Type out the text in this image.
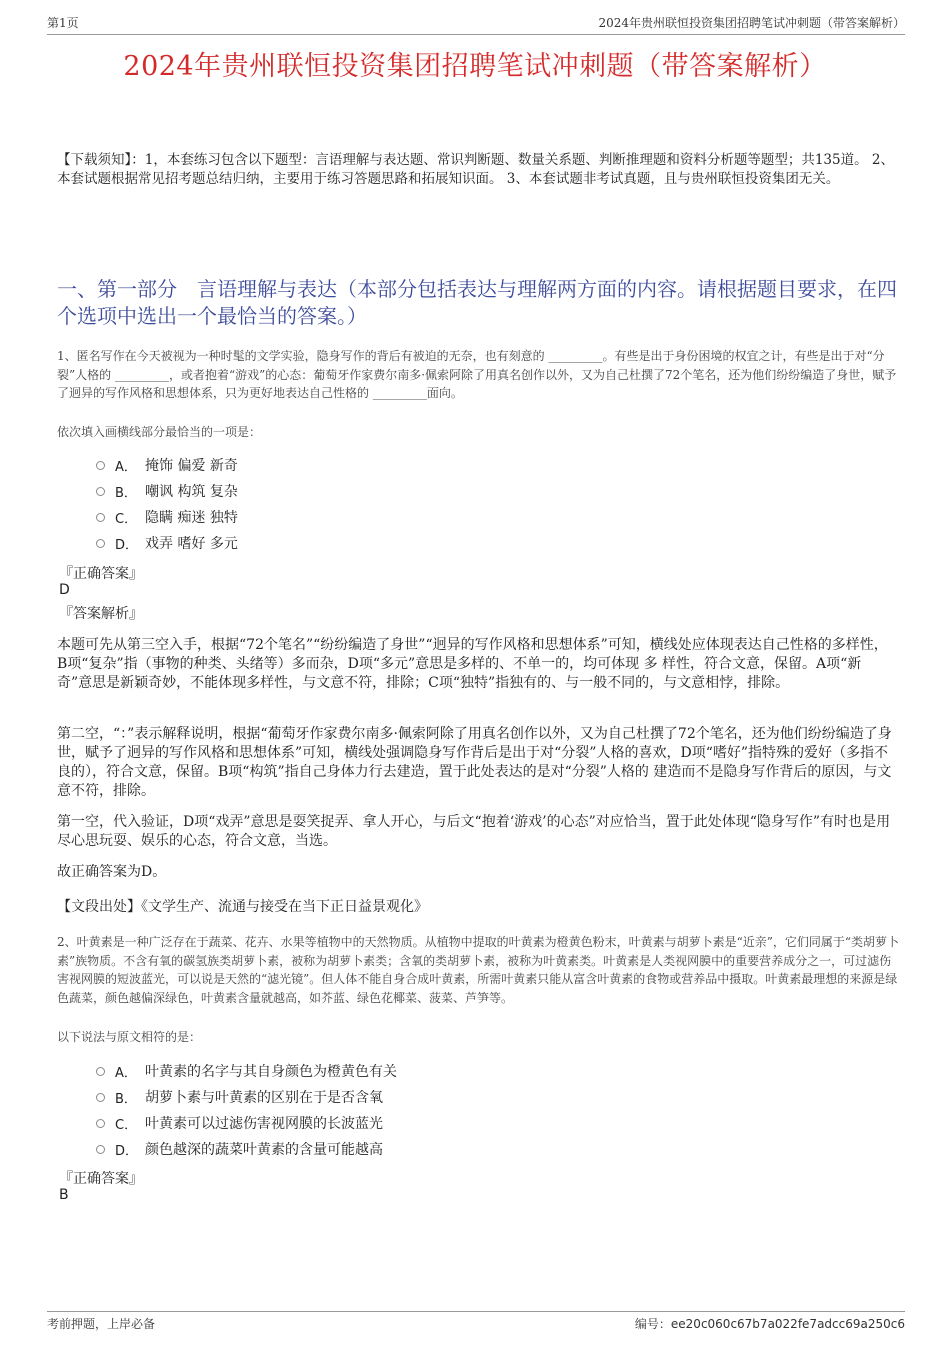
第1页	2024年贵州联恒投资集团招聘笔试冲刺题（带答案解析）
2024年贵州联恒投资集团招聘笔试冲刺题（带答案解析）
【下载须知】：1，本套练习包含以下题型：言语理解与表达题、常识判断题、数量关系题、判断推理题和资料分析题等题型；共135道。 2、本套试题根据常见招考题总结归纳，主要用于练习答题思路和拓展知识面。 3、本套试题非考试真题，且与贵州联恒投资集团无关。
一、第一部分　言语理解与表达（本部分包括表达与理解两方面的内容。请根据题目要求，在四个选项中选出一个最恰当的答案。）
1、匿名写作在今天被视为一种时髦的文学实验，隐身写作的背后有被迫的无奈，也有刻意的 _________。有些是出于身份困境的权宜之计，有些是出于对“分裂”人格的 _________，或者抱着“游戏”的心态：葡萄牙作家费尔南多·佩索阿除了用真名创作以外，又为自己杜撰了72个笔名，还为他们纷纷编造了身世，赋予了迥异的写作风格和思想体系，只为更好地表达自己性格的 _________面向。
依次填入画横线部分最恰当的一项是：
A． 掩饰 偏爱 新奇
B． 嘲讽 构筑 复杂
C． 隐瞒 痴迷 独特
D． 戏弄 嗜好 多元
『正确答案』
D
『答案解析』
本题可先从第三空入手，根据“72个笔名”“纷纷编造了身世”“迥异的写作风格和思想体系”可知，横线处应体现表达自己性格的多样性，B项“复杂”指（事物的种类、头绪等）多而杂，D项“多元”意思是多样的、不单一的，均可体现 多 样性，符合文意，保留。A项“新奇”意思是新颖奇妙，不能体现多样性，与文意不符，排除；C项“独特”指独有的、与一般不同的，与文意相悖，排除。
第二空，“：”表示解释说明，根据“葡萄牙作家费尔南多·佩索阿除了用真名创作以外，又为自己杜撰了72个笔名，还为他们纷纷编造了身世，赋予了迥异的写作风格和思想体系”可知，横线处强调隐身写作背后是出于对“分裂”人格的喜欢，D项“嗜好”指特殊的爱好（多指不良的），符合文意，保留。B项“构筑”指自己身体力行去建造，置于此处表达的是对“分裂”人格的 建造而不是隐身写作背后的原因，与文意不符，排除。
第一空，代入验证，D项“戏弄”意思是耍笑捉弄、拿人开心，与后文“抱着‘游戏’的心态”对应恰当，置于此处体现“隐身写作”有时也是用尽心思玩耍、娱乐的心态，符合文意，当选。
故正确答案为D。
【文段出处】《文学生产、流通与接受在当下正日益景观化》
2、叶黄素是一种广泛存在于蔬菜、花卉、水果等植物中的天然物质。从植物中提取的叶黄素为橙黄色粉末，叶黄素与胡萝卜素是“近亲”，它们同属于“类胡萝卜素”族物质。不含有氧的碳氢族类胡萝卜素，被称为胡萝卜素类；含氧的类胡萝卜素，被称为叶黄素类。叶黄素是人类视网膜中的重要营养成分之一，可过滤伤害视网膜的短波蓝光，可以说是天然的“滤光镜”。但人体不能自身合成叶黄素，所需叶黄素只能从富含叶黄素的食物或营养品中摄取。叶黄素最理想的来源是绿色蔬菜，颜色越偏深绿色，叶黄素含量就越高，如芥蓝、绿色花椰菜、菠菜、芦笋等。
以下说法与原文相符的是：
A． 叶黄素的名字与其自身颜色为橙黄色有关
B． 胡萝卜素与叶黄素的区别在于是否含氧
C． 叶黄素可以过滤伤害视网膜的长波蓝光
D． 颜色越深的蔬菜叶黄素的含量可能越高
『正确答案』
B
考前押题，上岸必备	编号：ee20c060c67b7a022fe7adcc69a250c6
